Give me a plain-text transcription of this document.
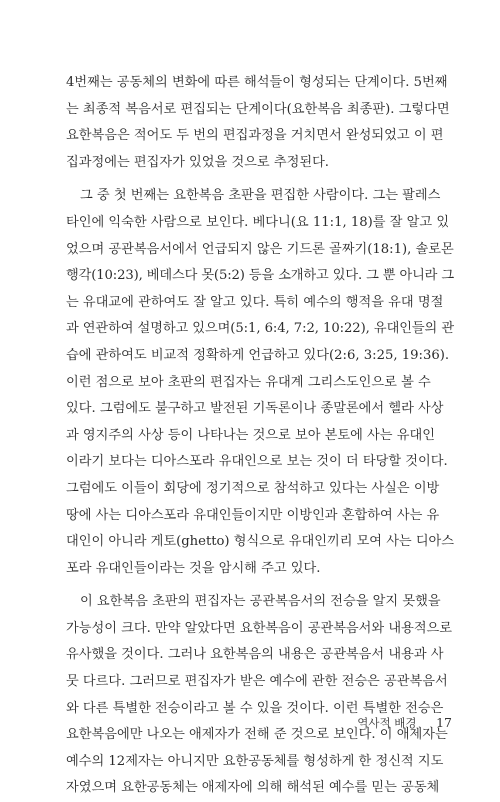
4번째는 공동체의 변화에 따른 해석들이 형성되는 단계이다. 5번째
는 최종적 복음서로 편집되는 단계이다(요한복음 최종판). 그렇다면
요한복음은 적어도 두 번의 편집과정을 거치면서 완성되었고 이 편
집과정에는 편집자가 있었을 것으로 추정된다.
그 중 첫 번째는 요한복음 초판을 편집한 사람이다. 그는 팔레스
타인에 익숙한 사람으로 보인다. 베다니(요 11:1, 18)를 잘 알고 있
었으며 공관복음서에서 언급되지 않은 기드론 골짜기(18:1), 솔로몬
행각(10:23), 베데스다 못(5:2) 등을 소개하고 있다. 그 뿐 아니라 그
는 유대교에 관하여도 잘 알고 있다. 특히 예수의 행적을 유대 명절
과 연관하여 설명하고 있으며(5:1, 6:4, 7:2, 10:22), 유대인들의 관
습에 관하여도 비교적 정확하게 언급하고 있다(2:6, 3:25, 19:36).
이런 점으로 보아 초판의 편집자는 유대계 그리스도인으로 볼 수
있다. 그럼에도 불구하고 발전된 기독론이나 종말론에서 헬라 사상
과 영지주의 사상 등이 나타나는 것으로 보아 본토에 사는 유대인
이라기 보다는 디아스포라 유대인으로 보는 것이 더 타당할 것이다.
그럼에도 이들이 회당에 정기적으로 참석하고 있다는 사실은 이방
땅에 사는 디아스포라 유대인들이지만 이방인과 혼합하여 사는 유
대인이 아니라 게토(ghetto) 형식으로 유대인끼리 모여 사는 디아스
포라 유대인들이라는 것을 암시해 주고 있다.
이 요한복음 초판의 편집자는 공관복음서의 전승을 알지 못했을
가능성이 크다. 만약 알았다면 요한복음이 공관복음서와 내용적으로
유사했을 것이다. 그러나 요한복음의 내용은 공관복음서 내용과 사
뭇 다르다. 그러므로 편집자가 받은 예수에 관한 전승은 공관복음서
와 다른 특별한 전승이라고 볼 수 있을 것이다. 이런 특별한 전승은
요한복음에만 나오는 애제자가 전해 준 것으로 보인다. 이 애제자는
예수의 12제자는 아니지만 요한공동체를 형성하게 한 정신적 지도
자였으며 요한공동체는 애제자에 의해 해석된 예수를 믿는 공동체
역사적 배경 17
